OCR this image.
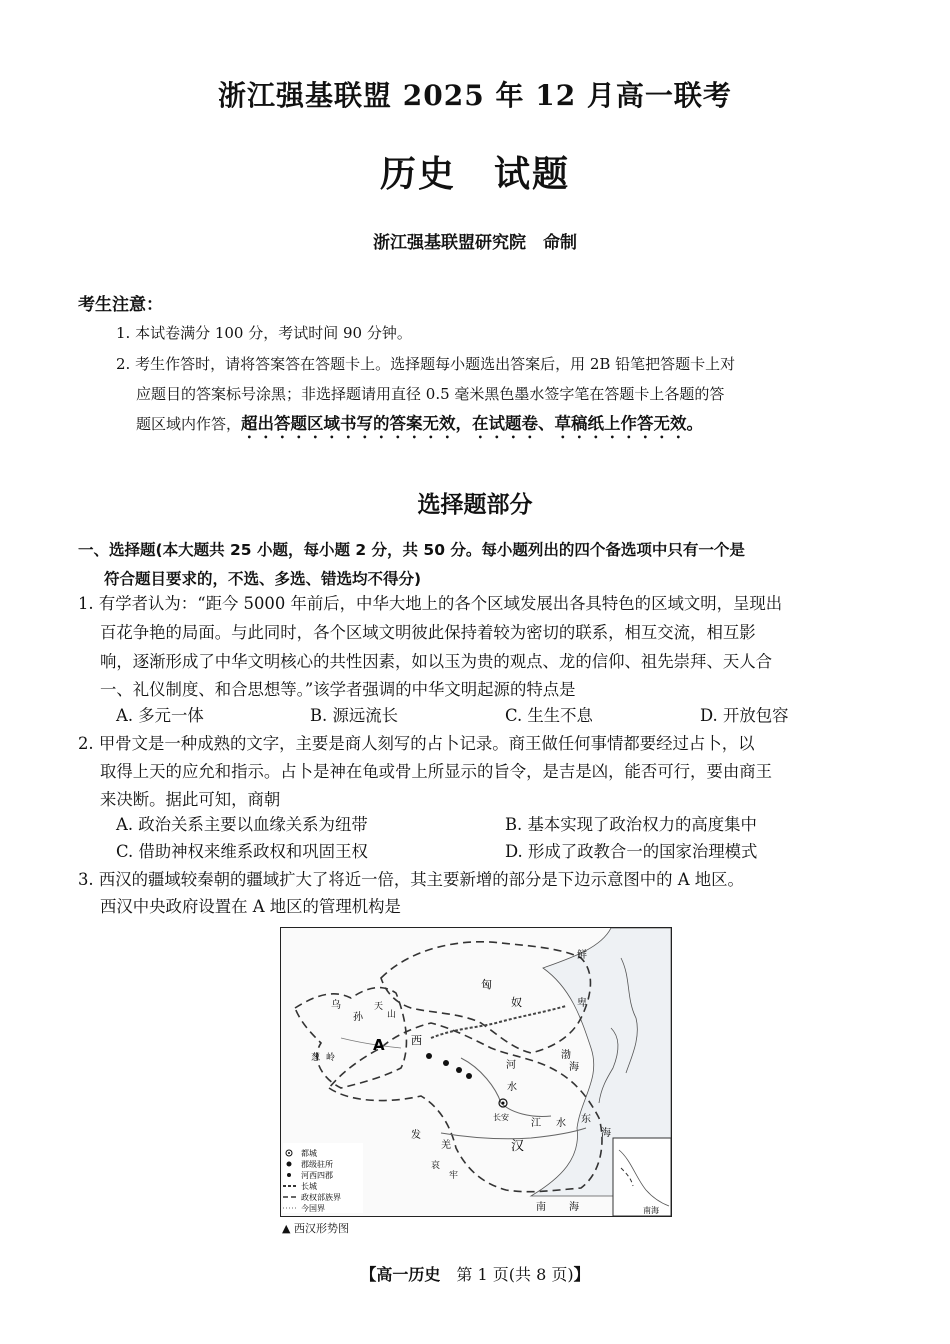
浙江强基联盟 2025 年 12 月高一联考
历史　试题
浙江强基联盟研究院　命制
考生注意：
1. 本试卷满分 100 分，考试时间 90 分钟。
2. 考生作答时，请将答案答在答题卡上。选择题每小题选出答案后，用 2B 铅笔把答题卡上对
应题目的答案标号涂黑；非选择题请用直径 0.5 毫米黑色墨水签字笔在答题卡上各题的答
题区域内作答，超出答题区域书写的答案无效，在试题卷、草稿纸上作答无效。
选择题部分
一、选择题(本大题共 25 小题，每小题 2 分，共 50 分。每小题列出的四个备选项中只有一个是
符合题目要求的，不选、多选、错选均不得分)
1. 有学者认为：“距今 5000 年前后，中华大地上的各个区域发展出各具特色的区域文明，呈现出
百花争艳的局面。与此同时，各个区域文明彼此保持着较为密切的联系，相互交流，相互影
响，逐渐形成了中华文明核心的共性因素，如以玉为贵的观点、龙的信仰、祖先崇拜、天人合
一、礼仪制度、和合思想等。”该学者强调的中华文明起源的特点是
A. 多元一体	B. 源远流长	C. 生生不息	D. 开放包容
2. 甲骨文是一种成熟的文字，主要是商人刻写的占卜记录。商王做任何事情都要经过占卜，以
取得上天的应允和指示。占卜是神在龟或骨上所显示的旨令，是吉是凶，能否可行，要由商王
来决断。据此可知，商朝
A. 政治关系主要以血缘关系为纽带	B. 基本实现了政治权力的高度集中
C. 借助神权来维系政权和巩固王权	D. 形成了政教合一的国家治理模式
3. 西汉的疆域较秦朝的疆域扩大了将近一倍，其主要新增的部分是下边示意图中的 A 地区。
西汉中央政府设置在 A 地区的管理机构是
都城
郡级驻所
河西四郡
长城
政权部族界
今国界
A 西
匈
奴
乌
孙
葱 岭
天
山
鲜
卑
渤
海
河
水
长安
江 水
汉
东
海
发
羌
哀
牢
南 海	南海
▲ 西汉形势图
【高一历史　 第 1 页(共 8 页)】
